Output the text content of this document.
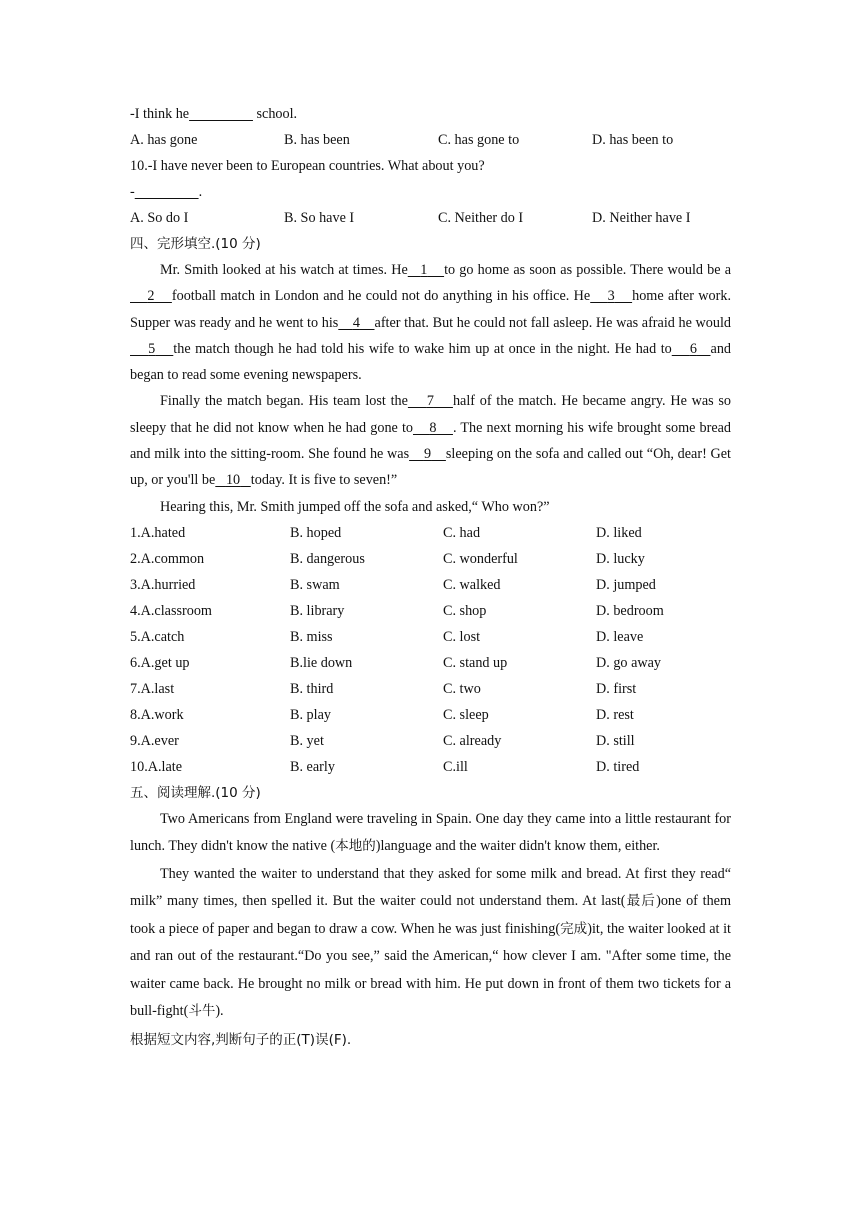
-I think he	school.
A. has gone	B. has been	C. has gone to	D. has been to
10.-I have never been to European countries. What about you?
-	.
A. So do I	B. So have I	C. Neither do I	D. Neither have I
四、完形填空.(10 分)
Mr. Smith looked at his watch at times. He 1 to go home as soon as possible. There would be a    2 football match in London and he could not do anything in his office. He 3 home after work. Supper was ready and he went to his 4 after that. But he could not fall asleep. He was afraid he would    5 the match though he had told his wife to wake him up at once in the night. He had to 6 and began to read some evening newspapers.
Finally the match began. His team lost the 7 half of the match. He became angry. He was so sleepy that he did not know when he had gone to 8 . The next morning his wife brought some bread and milk into the sitting-room. She found he was 9 sleeping on the sofa and called out “Oh, dear! Get up, or you'll be 10 today. It is five to seven!”
Hearing this, Mr. Smith jumped off the sofa and asked,“ Who won?”
1.A.hated	B. hoped	C. had	D. liked
2.A.common	B. dangerous	C. wonderful	D. lucky
3.A.hurried	B. swam	C. walked	D. jumped
4.A.classroom	B. library	C. shop	D. bedroom
5.A.catch	B. miss	C. lost	D. leave
6.A.get up	B.lie down	C. stand up	D. go away
7.A.last	B. third	C. two	D. first
8.A.work	B. play	C. sleep	D. rest
9.A.ever	B. yet	C. already	D. still
10.A.late	B. early	C.ill	D. tired
五、阅读理解.(10 分)
Two Americans from England were traveling in Spain. One day they came into a little restaurant for lunch. They didn't know the native (本地的)language and the waiter didn't know them, either.
They wanted the waiter to understand that they asked for some milk and bread. At first they read“ milk” many times, then spelled it. But the waiter could not understand them. At last(最后)one of them took a piece of paper and began to draw a cow. When he was just finishing(完成)it, the waiter looked at it and ran out of the restaurant.“Do you see,” said the American,“ how clever I am. "After some time, the waiter came back. He brought no milk or bread with him. He put down in front of them two tickets for a bull-fight(斗牛).
根据短文内容,判断句子的正(T)误(F).
